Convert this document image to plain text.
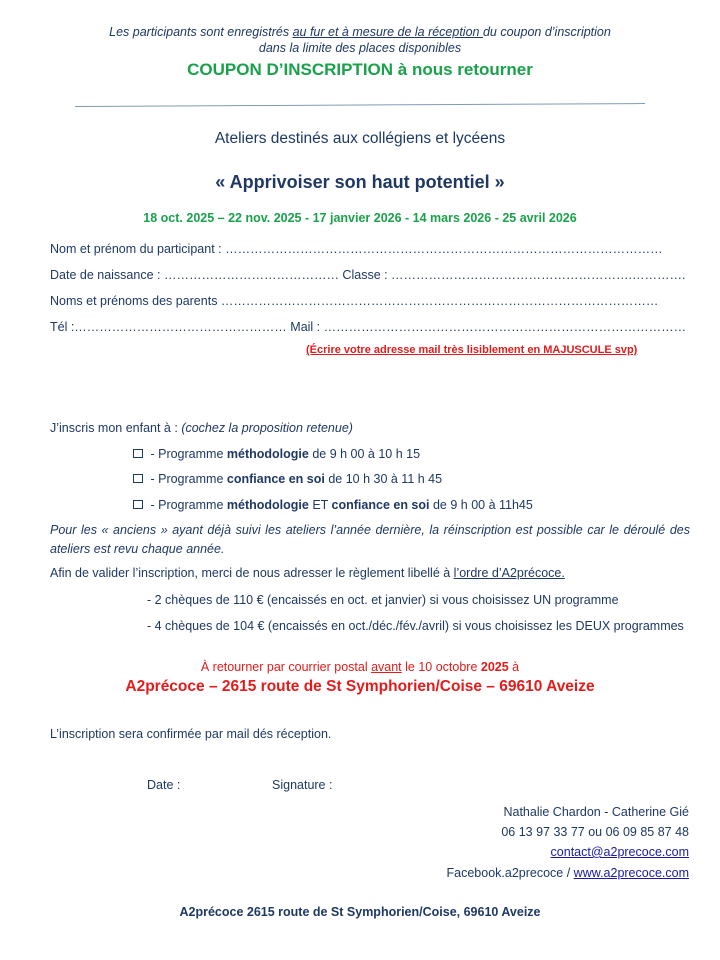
Les participants sont enregistrés au fur et à mesure de la réception du coupon d’inscription
dans la limite des places disponibles
COUPON D’INSCRIPTION à nous retourner
Ateliers destinés aux collégiens et lycéens
« Apprivoiser son haut potentiel »
18 oct. 2025 – 22 nov. 2025 - 17 janvier 2026 - 14 mars 2026 - 25 avril 2026
Nom et prénom du participant : ……………………………………………………………………………………………
Date de naissance : …………………………………… Classe : ………………………………………………….………….
Noms et prénoms des parents ……………………………………………………………………………………………
Tél :…………………………………………… Mail : ……………………………………………………………………………
(Écrire votre adresse mail très lisiblement en MAJUSCULE svp)
J’inscris mon enfant à : (cochez la proposition retenue)
- Programme méthodologie de 9 h 00 à 10 h 15
- Programme confiance en soi de 10 h 30 à 11 h 45
- Programme méthodologie ET confiance en soi de 9 h 00 à 11h45
Pour les « anciens » ayant déjà suivi les ateliers l’année dernière, la réinscription est possible car le déroulé des ateliers est revu chaque année.
Afin de valider l’inscription, merci de nous adresser le règlement libellé à l’ordre d’A2précoce.
- 2 chèques de 110 € (encaissés en oct. et janvier) si vous choisissez UN programme
- 4 chèques de 104 € (encaissés en oct./déc./fév./avril) si vous choisissez les DEUX programmes
À retourner par courrier postal avant le 10 octobre 2025 à
A2précoce – 2615 route de St Symphorien/Coise – 69610 Aveize
L’inscription sera confirmée par mail dés réception.
Date :	Signature :
Nathalie Chardon - Catherine Gié
06 13 97 33 77 ou 06 09 85 87 48
contact@a2precoce.com
Facebook.a2precoce / www.a2precoce.com
A2précoce 2615 route de St Symphorien/Coise, 69610 Aveize
